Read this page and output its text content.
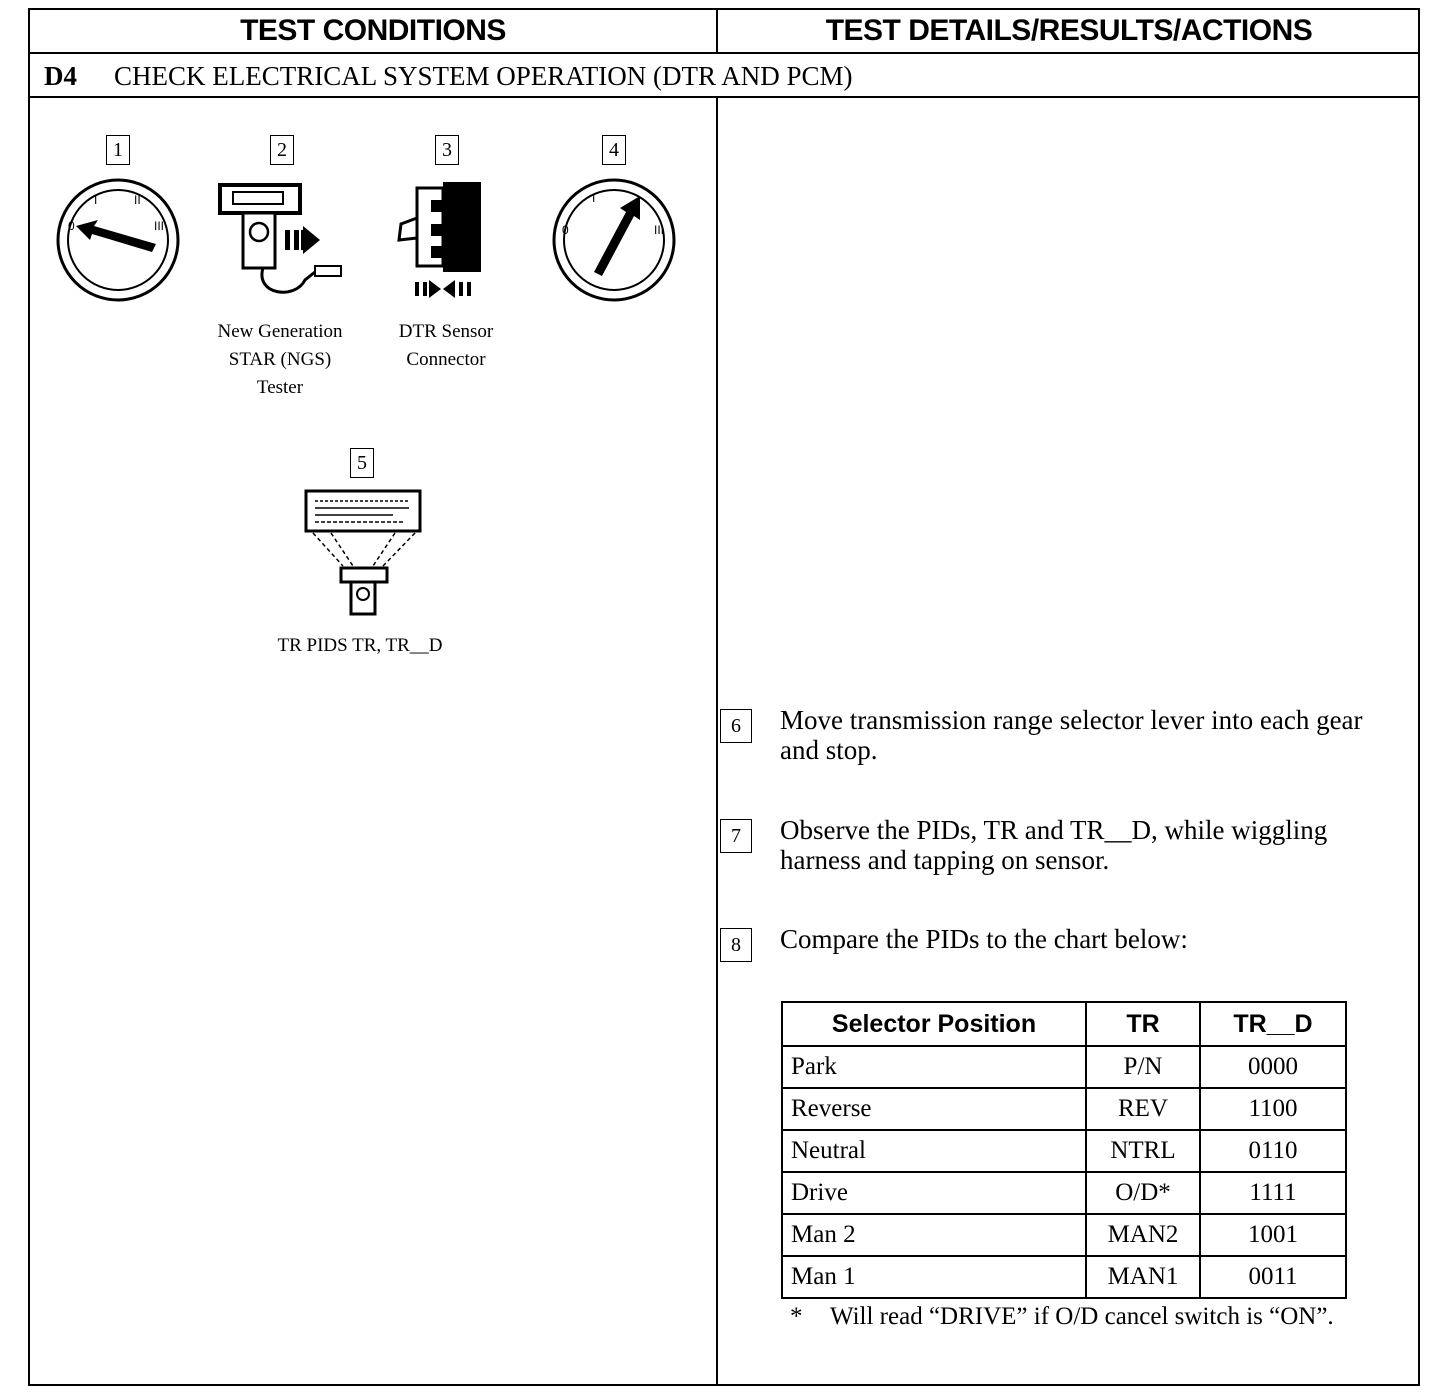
TEST CONDITIONS	TEST DETAILS/RESULTS/ACTIONS
D4	CHECK ELECTRICAL SYSTEM OPERATION (DTR AND PCM)
1
0
I	II
III
2
New Generation
STAR (NGS)
Tester
3
DTR Sensor
Connector
4
0
I
III
5
TR PIDS TR, TR__D
6	Move transmission range selector lever into each gear and stop.
7	Observe the PIDs, TR and TR__D, while wiggling harness and tapping on sensor.
8	Compare the PIDs to the chart below:
Selector Position	TR	TR__D
Park	P/N	0000
Reverse	REV	1100
Neutral	NTRL	0110
Drive	O/D*	1111
Man 2	MAN2	1001
Man 1	MAN1	0011
* Will read “DRIVE” if O/D cancel switch is “ON”.
